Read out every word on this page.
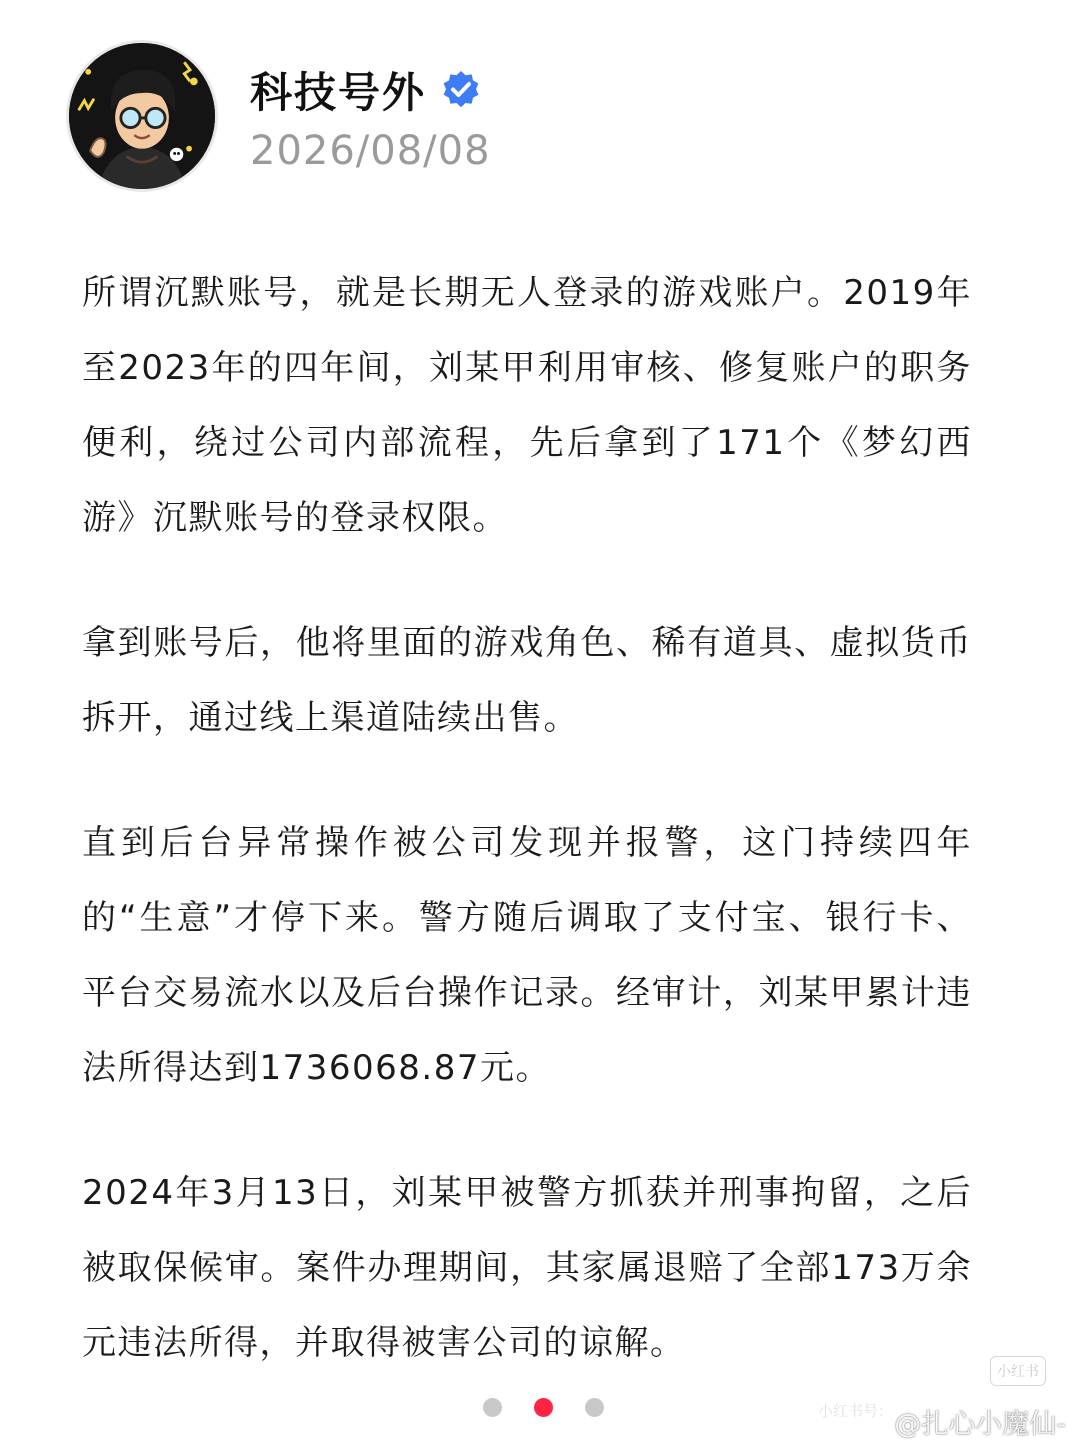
科技号外
2026/08/08

所谓沉默账号，就是长期无人登录的游戏账户。2019年至2023年的四年间，刘某甲利用审核、修复账户的职务便利，绕过公司内部流程，先后拿到了171个《梦幻西游》沉默账号的登录权限。

拿到账号后，他将里面的游戏角色、稀有道具、虚拟货币拆开，通过线上渠道陆续出售。

直到后台异常操作被公司发现并报警，这门持续四年的“生意”才停下来。警方随后调取了支付宝、银行卡、平台交易流水以及后台操作记录。经审计，刘某甲累计违法所得达到1736068.87元。

2024年3月13日，刘某甲被警方抓获并刑事拘留，之后被取保候审。案件办理期间，其家属退赔了全部173万余元违法所得，并取得被害公司的谅解。

小红书
小红书号： @扎心小魔仙-
